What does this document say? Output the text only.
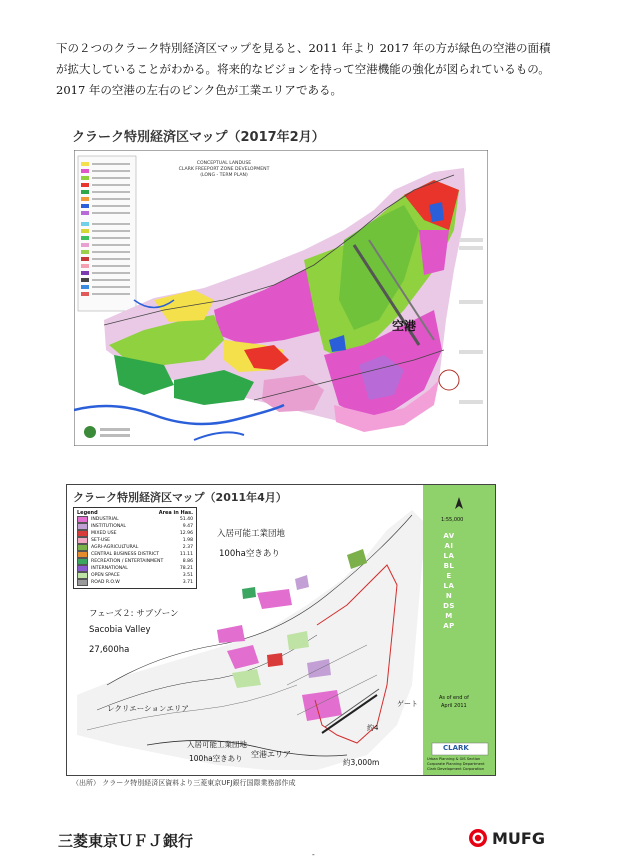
下の２つのクラーク特別経済区マップを見ると、2011 年より 2017 年の方が緑色の空港の面積

が拡大していることがわかる。将来的なビジョンを持って空港機能の強化が図られているもの。

2017 年の空港の左右のピンク色が工業エリアである。

クラーク特別経済区マップ（2017年2月）
CONCEPTUAL LANDUSE
CLARK FREEPORT ZONE DEVELOPMENT
(LONG - TERM PLAN)
空港
クラーク特別経済区マップ（2011年4月）
Legend	Area in Has.
INDUSTRIAL	51.40
INSTITUTIONAL	9.47
MIXED USE	12.96
SET-USE	1.98
AGRI-AGRICULTURAL	2.37
CENTRAL BUSINESS DISTRICT	11.11
RECREATION / ENTERTAINMENT	8.86
INTERNATIONAL	78.21
OPEN SPACE	3.51
ROAD R.O.W	3.71
入居可能工業団地
100ha空きあり
フェーズ２: サブゾーン
Sacobia Valley
27,600ha
レクリエーションエリア
入居可能工業団地
100ha空きあり 空港エリア
約3,000m
約4
ゲート
1:55,000
AVAILABLE LANDS MAP
As of end of
April 2011
CLARK
Urban Planning & GIS Section
Corporate Planning Department
Clark Development Corporation
（出所） クラーク特別経済区資料より三菱東京UFJ銀行国際業務部作成
三菱東京ＵＦＪ銀行	MUFG
-
